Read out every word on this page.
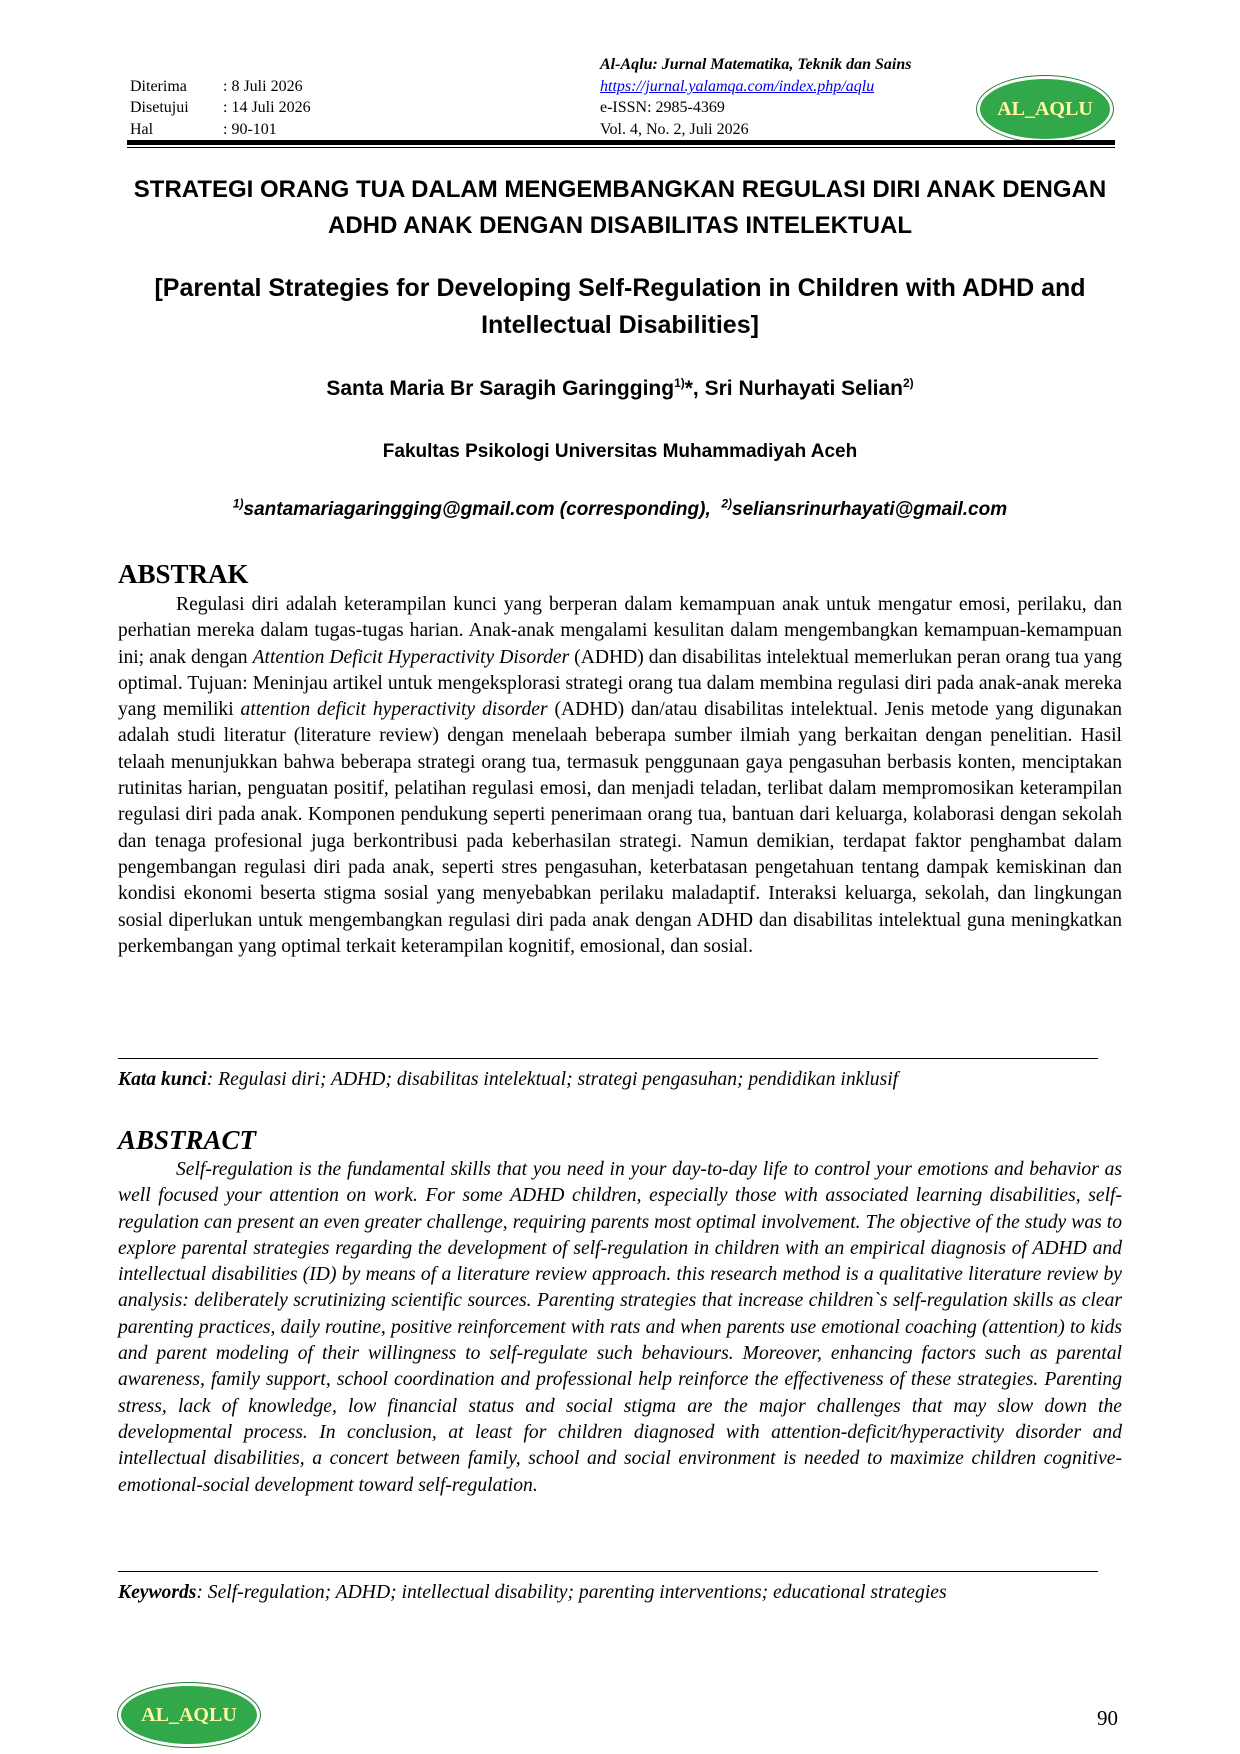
Diterima : 8 Juli 2026
Disetujui : 14 Juli 2026
Hal	: 90-101
Al-Aqlu: Jurnal Matematika, Teknik dan Sains
https://jurnal.yalamqa.com/index.php/aqlu
e-ISSN: 2985-4369
Vol. 4, No. 2, Juli 2026
AL_AQLU
STRATEGI ORANG TUA DALAM MENGEMBANGKAN REGULASI DIRI ANAK DENGAN
ADHD ANAK DENGAN DISABILITAS INTELEKTUAL
[Parental Strategies for Developing Self-Regulation in Children with ADHD and
Intellectual Disabilities]
Santa Maria Br Saragih Garingging$^{1)}$*, Sri Nurhayati Selian$^{2)}$
Fakultas Psikologi Universitas Muhammadiyah Aceh
$^{1)}$santamariagaringging@gmail.com (corresponding), $^{2)}$seliansrinurhayati@gmail.com
ABSTRAK

Regulasi diri adalah keterampilan kunci yang berperan dalam kemampuan anak untuk mengatur emosi, perilaku, dan perhatian mereka dalam tugas-tugas harian. Anak-anak mengalami kesulitan dalam mengembangkan kemampuan-kemampuan ini; anak dengan Attention Deficit Hyperactivity Disorder (ADHD) dan disabilitas intelektual memerlukan peran orang tua yang optimal. Tujuan: Meninjau artikel untuk mengeksplorasi strategi orang tua dalam membina regulasi diri pada anak-anak mereka yang memiliki attention deficit hyperactivity disorder (ADHD) dan/atau disabilitas intelektual. Jenis metode yang digunakan adalah studi literatur (literature review) dengan menelaah beberapa sumber ilmiah yang berkaitan dengan penelitian. Hasil telaah menunjukkan bahwa beberapa strategi orang tua, termasuk penggunaan gaya pengasuhan berbasis konten, menciptakan rutinitas harian, penguatan positif, pelatihan regulasi emosi, dan menjadi teladan, terlibat dalam mempromosikan keterampilan regulasi diri pada anak. Komponen pendukung seperti penerimaan orang tua, bantuan dari keluarga, kolaborasi dengan sekolah dan tenaga profesional juga berkontribusi pada keberhasilan strategi. Namun demikian, terdapat faktor penghambat dalam pengembangan regulasi diri pada anak, seperti stres pengasuhan, keterbatasan pengetahuan tentang dampak kemiskinan dan kondisi ekonomi beserta stigma sosial yang menyebabkan perilaku maladaptif. Interaksi keluarga, sekolah, dan lingkungan sosial diperlukan untuk mengembangkan regulasi diri pada anak dengan ADHD dan disabilitas intelektual guna meningkatkan perkembangan yang optimal terkait keterampilan kognitif, emosional, dan sosial.

Kata kunci: Regulasi diri; ADHD; disabilitas intelektual; strategi pengasuhan; pendidikan inklusif
ABSTRACT

Self-regulation is the fundamental skills that you need in your day-to-day life to control your emotions and behavior as well focused your attention on work. For some ADHD children, especially those with associated learning disabilities, self-regulation can present an even greater challenge, requiring parents most optimal involvement. The objective of the study was to explore parental strategies regarding the development of self-regulation in children with an empirical diagnosis of ADHD and intellectual disabilities (ID) by means of a literature review approach. this research method is a qualitative literature review by analysis: deliberately scrutinizing scientific sources. Parenting strategies that increase children`s self-regulation skills as clear parenting practices, daily routine, positive reinforcement with rats and when parents use emotional coaching (attention) to kids and parent modeling of their willingness to self-regulate such behaviours. Moreover, enhancing factors such as parental awareness, family support, school coordination and professional help reinforce the effectiveness of these strategies. Parenting stress, lack of knowledge, low financial status and social stigma are the major challenges that may slow down the developmental process. In conclusion, at least for children diagnosed with attention-deficit/hyperactivity disorder and intellectual disabilities, a concert between family, school and social environment is needed to maximize children cognitive-emotional-social development toward self-regulation.

Keywords: Self-regulation; ADHD; intellectual disability; parenting interventions; educational strategies
AL_AQLU	90
